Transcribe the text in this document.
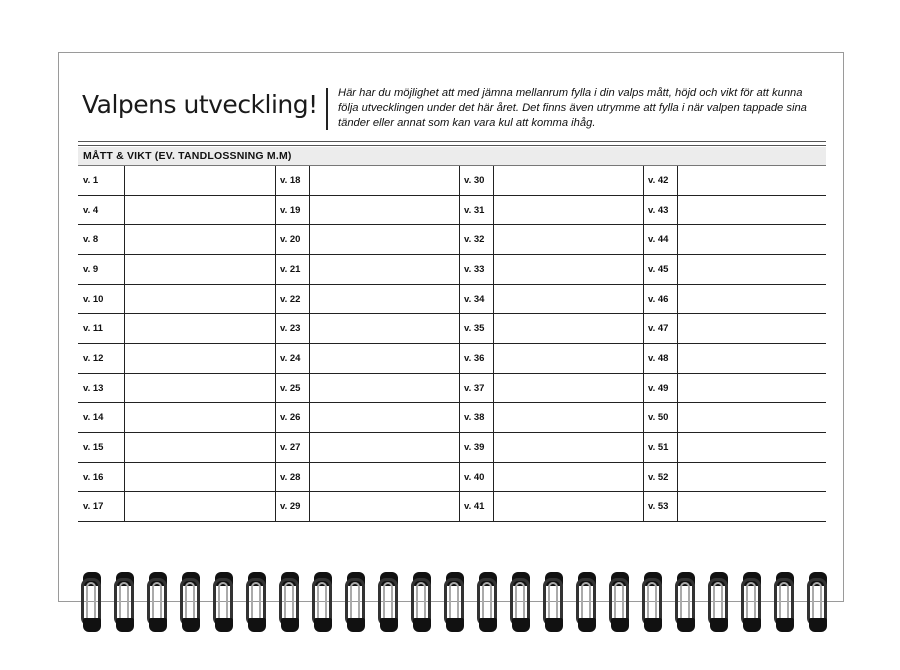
Valpens utveckling! Här har du möjlighet att med jämna mellanrum fylla i din valps mått, höjd och vikt för att kunna följa utvecklingen under det här året. Det finns även utrymme att fylla i när valpen tappade sina tänder eller annat som kan vara kul att komma ihåg.
MÅTT & VIKT (EV. TANDLOSSNING M.M)
v. 1	v. 18	v. 30	v. 42
v. 4	v. 19	v. 31	v. 43
v. 8	v. 20	v. 32	v. 44
v. 9	v. 21	v. 33	v. 45
v. 10	v. 22	v. 34	v. 46
v. 11	v. 23	v. 35	v. 47
v. 12	v. 24	v. 36	v. 48
v. 13	v. 25	v. 37	v. 49
v. 14	v. 26	v. 38	v. 50
v. 15	v. 27	v. 39	v. 51
v. 16	v. 28	v. 40	v. 52
v. 17	v. 29	v. 41	v. 53
